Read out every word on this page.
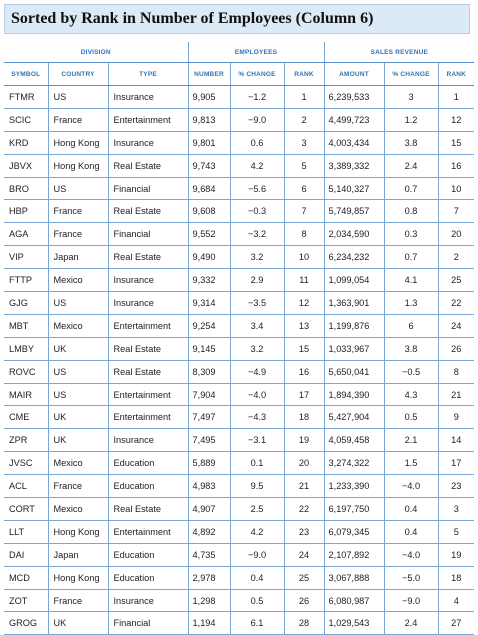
Sorted by Rank in Number of Employees (Column 6)
DIVISION			EMPLOYEES			SALES REVENUE		
SYMBOL	COUNTRY	TYPE	NUMBER	% CHANGE	RANK	AMOUNT	% CHANGE	RANK
FTMR	US	Insurance	9,905	−1.2	1	6,239,533	3	1
SCIC	France	Entertainment	9,813	−9.0	2	4,499,723	1.2	12
KRD	Hong Kong	Insurance	9,801	0.6	3	4,003,434	3.8	15
JBVX	Hong Kong	Real Estate	9,743	4.2	5	3,389,332	2.4	16
BRO	US	Financial	9,684	−5.6	6	5,140,327	0.7	10
HBP	France	Real Estate	9,608	−0.3	7	5,749,857	0.8	7
AGA	France	Financial	9,552	−3.2	8	2,034,590	0.3	20
VIP	Japan	Real Estate	9,490	3.2	10	6,234,232	0.7	2
FTTP	Mexico	Insurance	9,332	2.9	11	1,099,054	4.1	25
GJG	US	Insurance	9,314	−3.5	12	1,363,901	1.3	22
MBT	Mexico	Entertainment	9,254	3.4	13	1,199,876	6	24
LMBY	UK	Real Estate	9,145	3.2	15	1,033,967	3.8	26
ROVC	US	Real Estate	8,309	−4.9	16	5,650,041	−0.5	8
MAIR	US	Entertainment	7,904	−4.0	17	1,894,390	4.3	21
CME	UK	Entertainment	7,497	−4.3	18	5,427,904	0.5	9
ZPR	UK	Insurance	7,495	−3.1	19	4,059,458	2.1	14
JVSC	Mexico	Education	5,889	0.1	20	3,274,322	1.5	17
ACL	France	Education	4,983	9.5	21	1,233,390	−4.0	23
CORT	Mexico	Real Estate	4,907	2.5	22	6,197,750	0.4	3
LLT	Hong Kong	Entertainment	4,892	4.2	23	6,079,345	0.4	5
DAI	Japan	Education	4,735	−9.0	24	2,107,892	−4.0	19
MCD	Hong Kong	Education	2,978	0.4	25	3,067,888	−5.0	18
ZOT	France	Insurance	1,298	0.5	26	6,080,987	−9.0	4
GROG	UK	Financial	1,194	6.1	28	1,029,543	2.4	27
